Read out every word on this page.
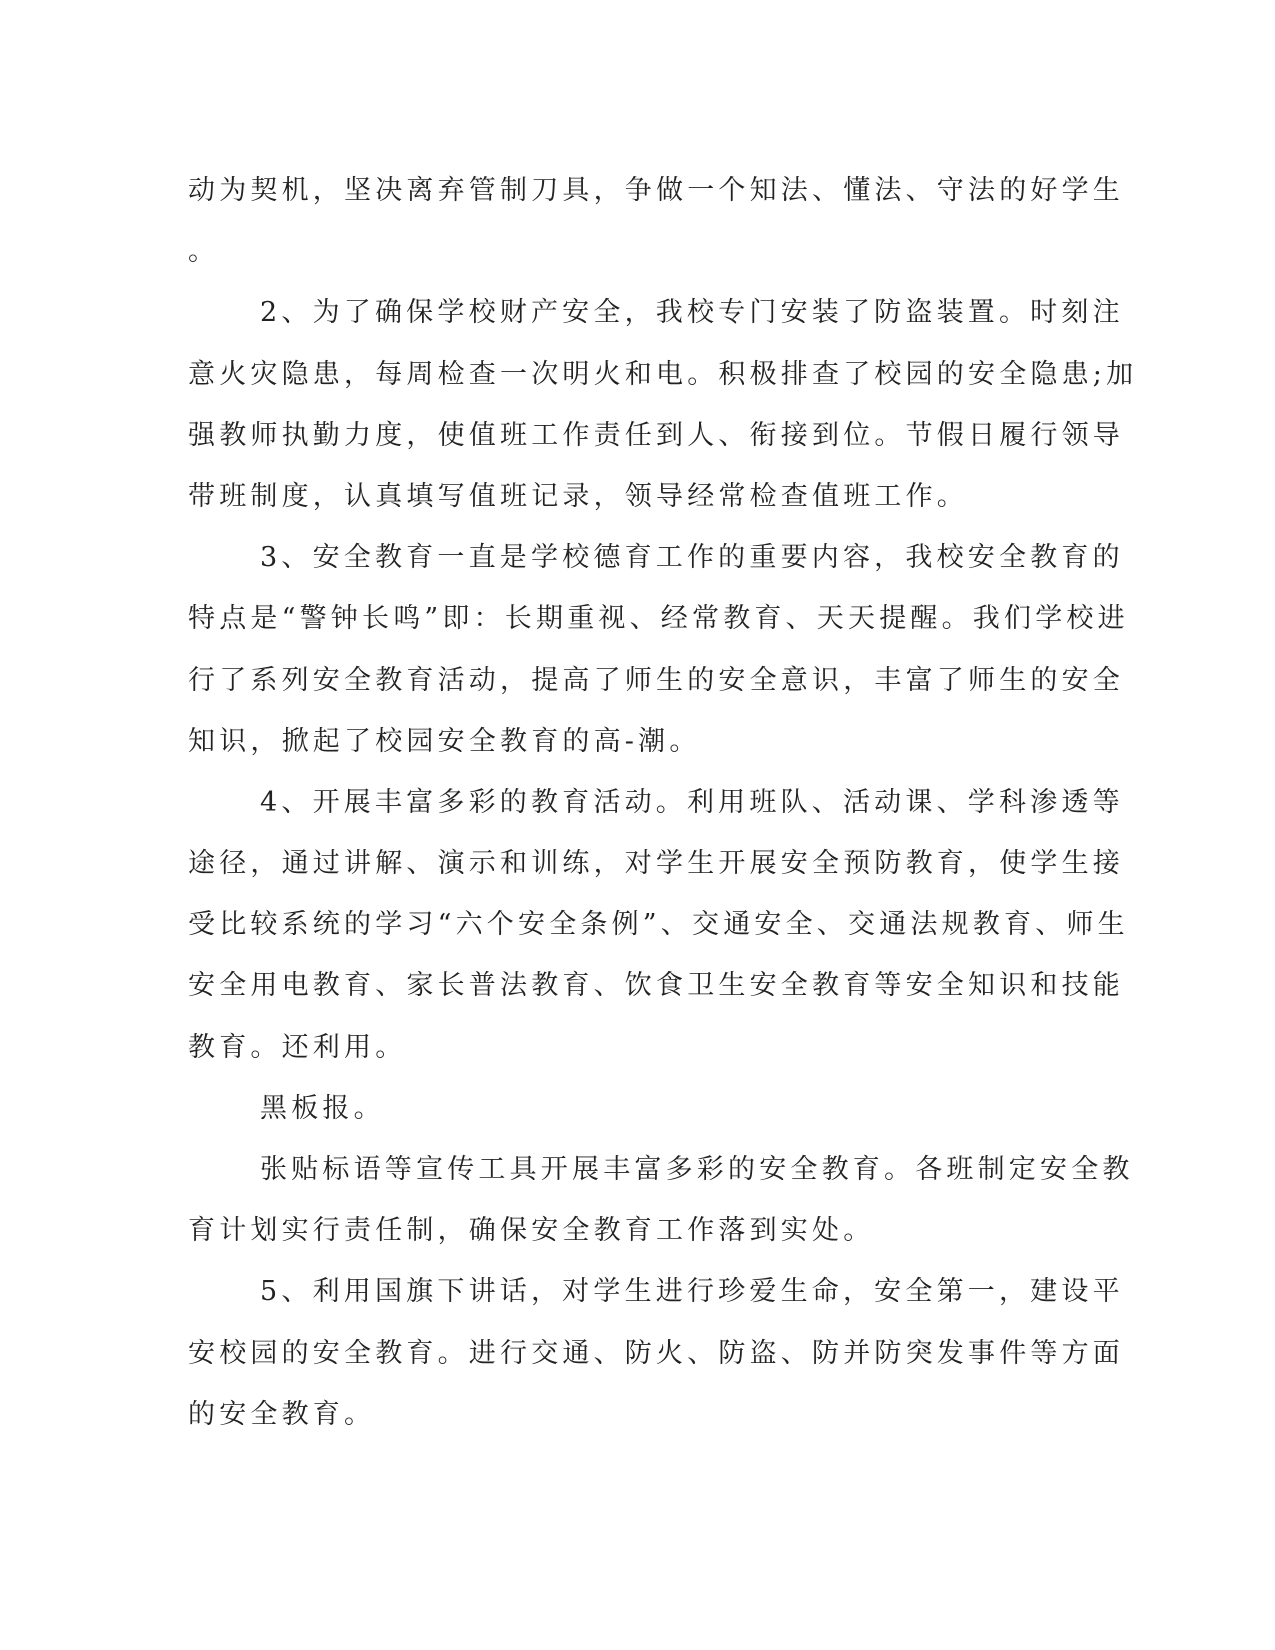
动为契机，坚决离弃管制刀具，争做一个知法、懂法、守法的好学生
。
2、为了确保学校财产安全，我校专门安装了防盗装置。时刻注
意火灾隐患，每周检查一次明火和电。积极排查了校园的安全隐患;加
强教师执勤力度，使值班工作责任到人、衔接到位。节假日履行领导
带班制度，认真填写值班记录，领导经常检查值班工作。
3、安全教育一直是学校德育工作的重要内容，我校安全教育的
特点是“警钟长鸣”即：长期重视、经常教育、天天提醒。我们学校进
行了系列安全教育活动，提高了师生的安全意识，丰富了师生的安全
知识，掀起了校园安全教育的高-潮。
4、开展丰富多彩的教育活动。利用班队、活动课、学科渗透等
途径，通过讲解、演示和训练，对学生开展安全预防教育，使学生接
受比较系统的学习“六个安全条例”、交通安全、交通法规教育、师生
安全用电教育、家长普法教育、饮食卫生安全教育等安全知识和技能
教育。还利用。
黑板报。
张贴标语等宣传工具开展丰富多彩的安全教育。各班制定安全教
育计划实行责任制，确保安全教育工作落到实处。
5、利用国旗下讲话，对学生进行珍爱生命，安全第一，建设平
安校园的安全教育。进行交通、防火、防盗、防并防突发事件等方面
的安全教育。
